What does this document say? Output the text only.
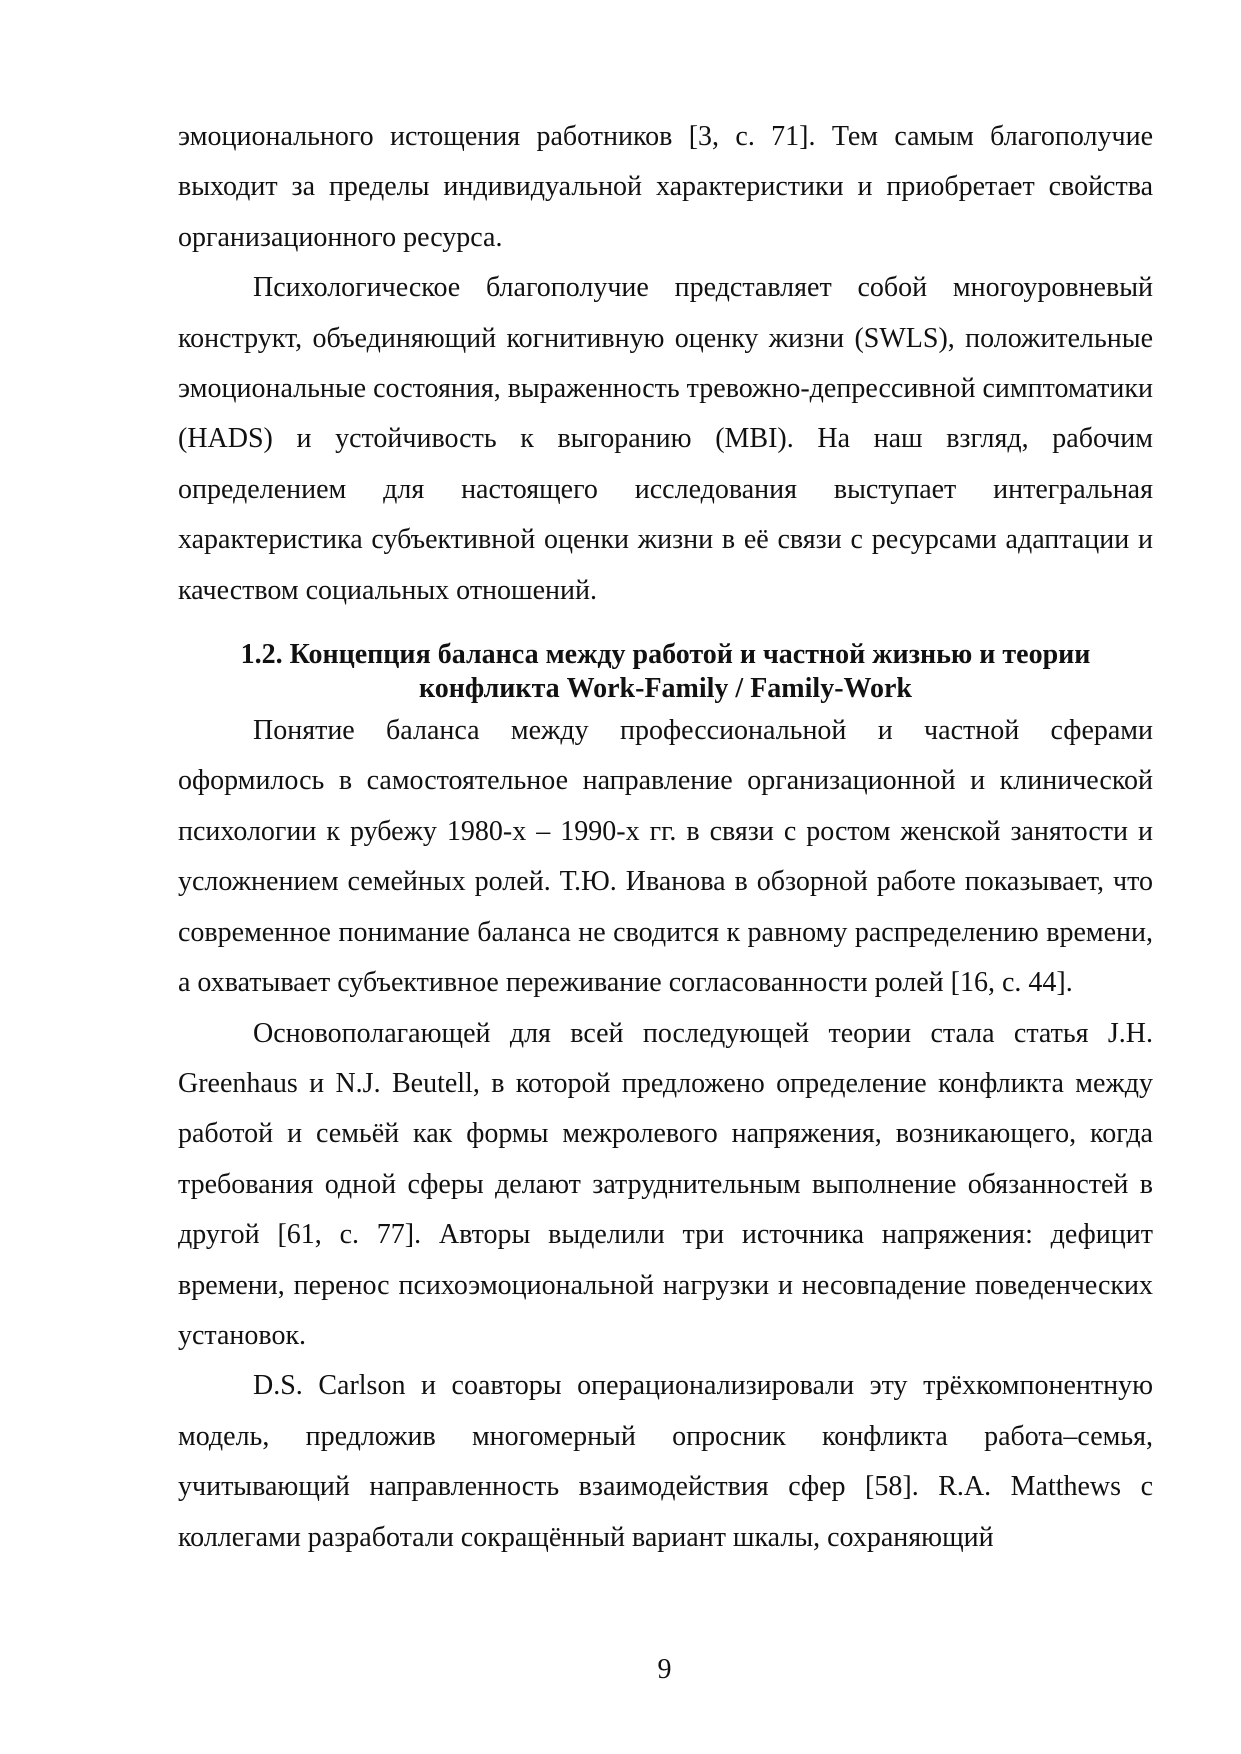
эмоционального истощения работников [3, с. 71]. Тем самым благополучие выходит за пределы индивидуальной характеристики и приобретает свойства организационного ресурса.

Психологическое благополучие представляет собой многоуровневый конструкт, объединяющий когнитивную оценку жизни (SWLS), положительные эмоциональные состояния, выраженность тревожно-депрессивной симптоматики (HADS) и устойчивость к выгоранию (MBI). На наш взгляд, рабочим определением для настоящего исследования выступает интегральная характеристика субъективной оценки жизни в её связи с ресурсами адаптации и качеством социальных отношений.

1.2. Концепция баланса между работой и частной жизнью и теории
конфликта Work-Family / Family-Work

Понятие баланса между профессиональной и частной сферами оформилось в самостоятельное направление организационной и клинической психологии к рубежу 1980-х – 1990-х гг. в связи с ростом женской занятости и усложнением семейных ролей. Т.Ю. Иванова в обзорной работе показывает, что современное понимание баланса не сводится к равному распределению времени, а охватывает субъективное переживание согласованности ролей [16, с. 44].

Основополагающей для всей последующей теории стала статья J.H. Greenhaus и N.J. Beutell, в которой предложено определение конфликта между работой и семьёй как формы межролевого напряжения, возникающего, когда требования одной сферы делают затруднительным выполнение обязанностей в другой [61, с. 77]. Авторы выделили три источника напряжения: дефицит времени, перенос психоэмоциональной нагрузки и несовпадение поведенческих установок.

D.S. Carlson и соавторы операционализировали эту трёхкомпонентную модель, предложив многомерный опросник конфликта работа–семья, учитывающий направленность взаимодействия сфер [58]. R.A. Matthews с коллегами разработали сокращённый вариант шкалы, сохраняющий

9
